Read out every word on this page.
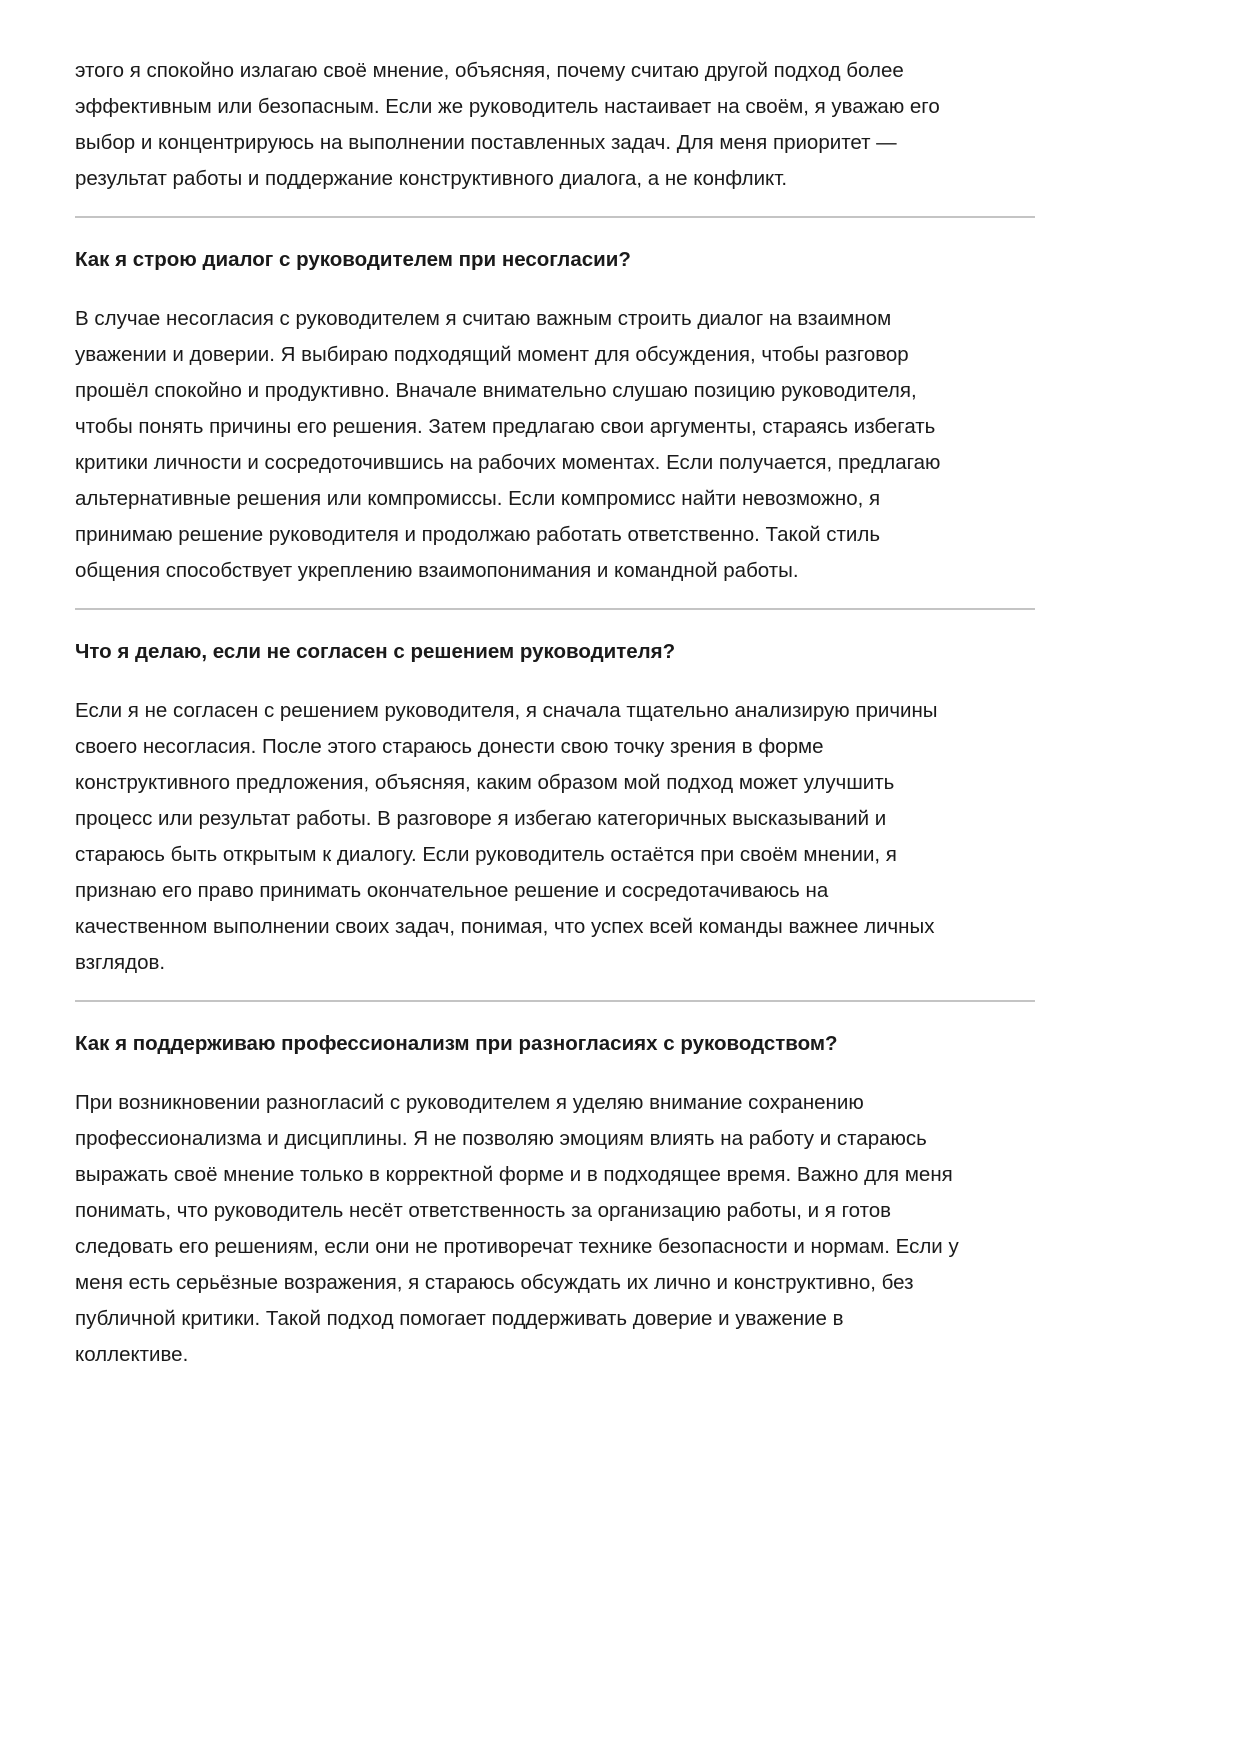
этого я спокойно излагаю своё мнение, объясняя, почему считаю другой подход более
эффективным или безопасным. Если же руководитель настаивает на своём, я уважаю его
выбор и концентрируюсь на выполнении поставленных задач. Для меня приоритет —
результат работы и поддержание конструктивного диалога, а не конфликт.
Как я строю диалог с руководителем при несогласии?
В случае несогласия с руководителем я считаю важным строить диалог на взаимном
уважении и доверии. Я выбираю подходящий момент для обсуждения, чтобы разговор
прошёл спокойно и продуктивно. Вначале внимательно слушаю позицию руководителя,
чтобы понять причины его решения. Затем предлагаю свои аргументы, стараясь избегать
критики личности и сосредоточившись на рабочих моментах. Если получается, предлагаю
альтернативные решения или компромиссы. Если компромисс найти невозможно, я
принимаю решение руководителя и продолжаю работать ответственно. Такой стиль
общения способствует укреплению взаимопонимания и командной работы.
Что я делаю, если не согласен с решением руководителя?
Если я не согласен с решением руководителя, я сначала тщательно анализирую причины
своего несогласия. После этого стараюсь донести свою точку зрения в форме
конструктивного предложения, объясняя, каким образом мой подход может улучшить
процесс или результат работы. В разговоре я избегаю категоричных высказываний и
стараюсь быть открытым к диалогу. Если руководитель остаётся при своём мнении, я
признаю его право принимать окончательное решение и сосредотачиваюсь на
качественном выполнении своих задач, понимая, что успех всей команды важнее личных
взглядов.
Как я поддерживаю профессионализм при разногласиях с руководством?
При возникновении разногласий с руководителем я уделяю внимание сохранению
профессионализма и дисциплины. Я не позволяю эмоциям влиять на работу и стараюсь
выражать своё мнение только в корректной форме и в подходящее время. Важно для меня
понимать, что руководитель несёт ответственность за организацию работы, и я готов
следовать его решениям, если они не противоречат технике безопасности и нормам. Если у
меня есть серьёзные возражения, я стараюсь обсуждать их лично и конструктивно, без
публичной критики. Такой подход помогает поддерживать доверие и уважение в
коллективе.
